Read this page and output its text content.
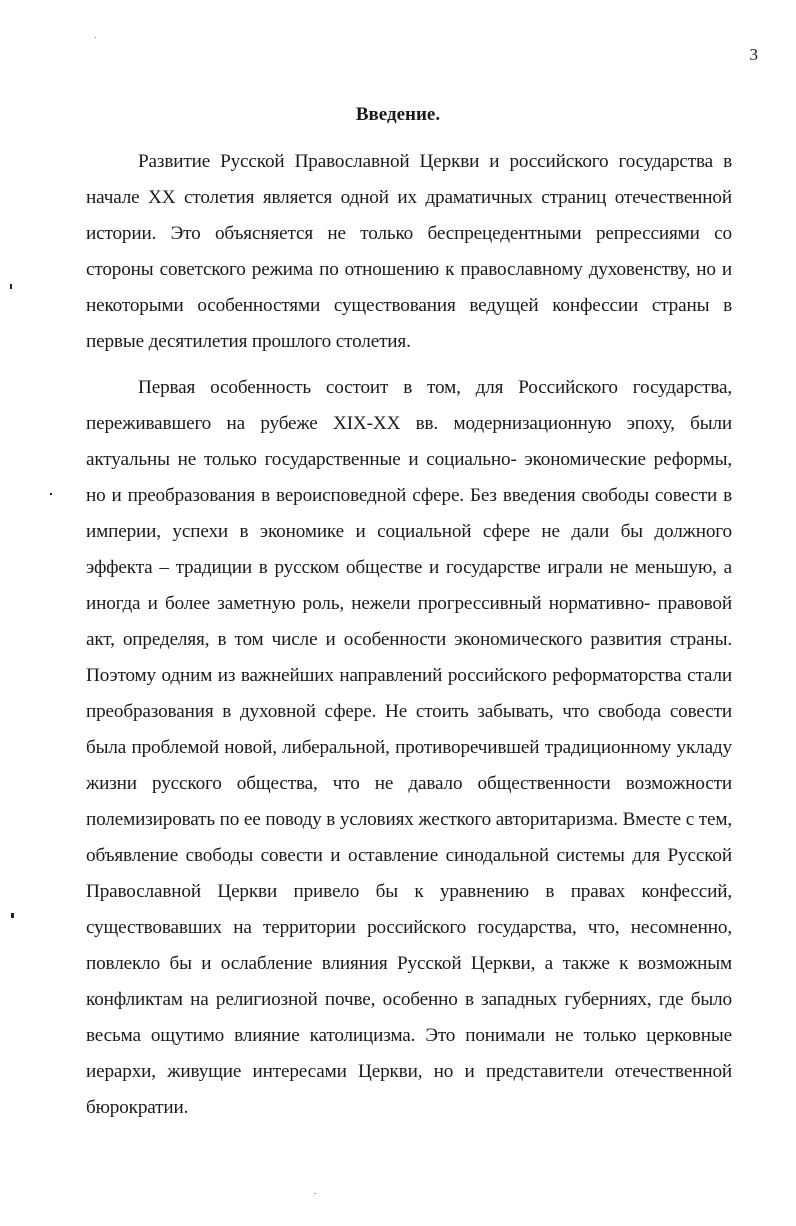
3
Введение.

Развитие Русской Православной Церкви и российского государства в начале XX столетия является одной их драматичных страниц отечественной истории. Это объясняется не только беспрецедентными репрессиями со стороны советского режима по отношению к православному духовенству, но и некоторыми особенностями существования ведущей конфессии страны в первые десятилетия прошлого столетия.

Первая особенность состоит в том, для Российского государства, переживавшего на рубеже XIX-XX вв. модернизационную эпоху, были актуальны не только государственные и социально- экономические реформы, но и преобразования в вероисповедной сфере. Без введения свободы совести в империи, успехи в экономике и социальной сфере не дали бы должного эффекта – традиции в русском обществе и государстве играли не меньшую, а иногда и более заметную роль, нежели прогрессивный нормативно- правовой акт, определяя, в том числе и особенности экономического развития страны. Поэтому одним из важнейших направлений российского реформаторства стали преобразования в духовной сфере. Не стоить забывать, что свобода совести была проблемой новой, либеральной, противоречившей традиционному укладу жизни русского общества, что не давало общественности возможности полемизировать по ее поводу в условиях жесткого авторитаризма. Вместе с тем, объявление свободы совести и оставление синодальной системы для Русской Православной Церкви привело бы к уравнению в правах конфессий, существовавших на территории российского государства, что, несомненно, повлекло бы и ослабление влияния Русской Церкви, а также к возможным конфликтам на религиозной почве, особенно в западных губерниях, где было весьма ощутимо влияние католицизма. Это понимали не только церковные иерархи, живущие интересами Церкви, но и представители отечественной бюрократии.
